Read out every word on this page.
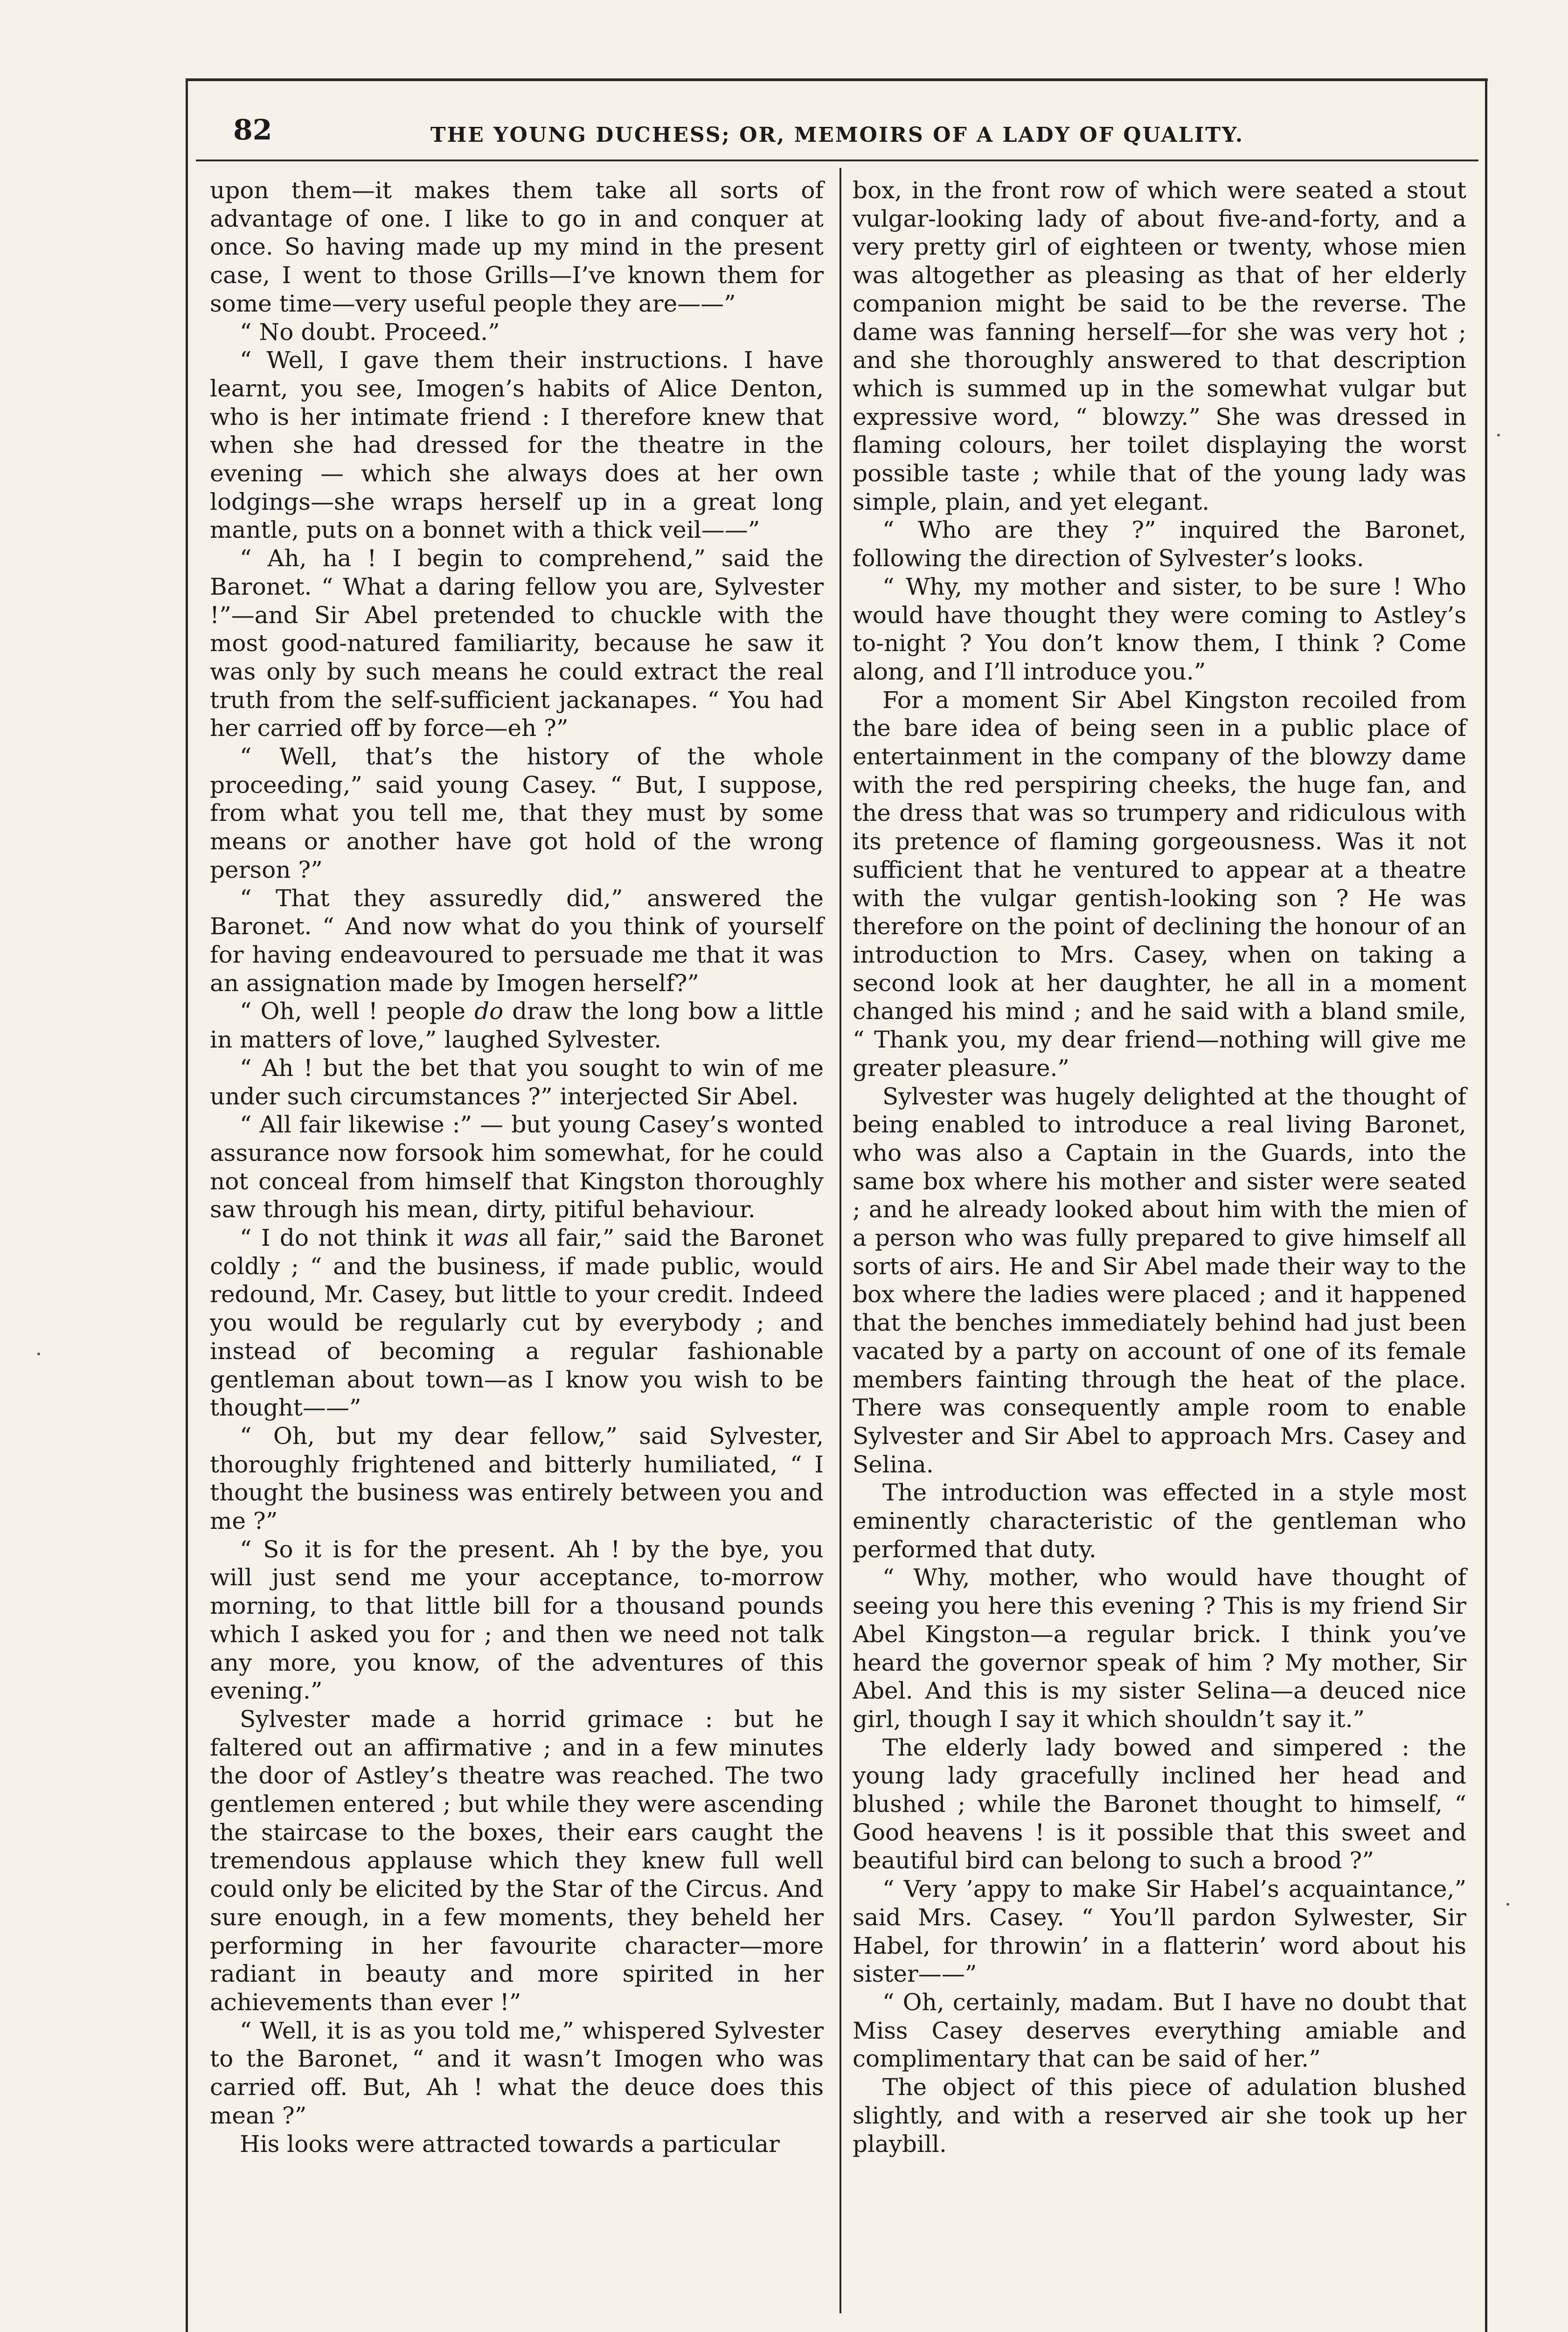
82	THE YOUNG DUCHESS; OR, MEMOIRS OF A LADY OF QUALITY.

upon them—it makes them take all sorts of advantage of one. I like to go in and conquer at once. So having made up my mind in the present case, I went to those Grills—I’ve known them for some time—very useful people they are——”

“ No doubt. Proceed.”

“ Well, I gave them their instructions. I have learnt, you see, Imogen’s habits of Alice Denton, who is her intimate friend : I therefore knew that when she had dressed for the theatre in the evening — which she always does at her own lodgings—she wraps herself up in a great long mantle, puts on a bonnet with a thick veil——”

“ Ah, ha ! I begin to comprehend,” said the Baronet. “ What a daring fellow you are, Sylvester !”—and Sir Abel pretended to chuckle with the most good-natured familiarity, because he saw it was only by such means he could extract the real truth from the self-sufficient jackanapes. “ You had her carried off by force—eh ?”

“ Well, that’s the history of the whole proceeding,” said young Casey. “ But, I suppose, from what you tell me, that they must by some means or another have got hold of the wrong person ?”

“ That they assuredly did,” answered the Baronet. “ And now what do you think of yourself for having endeavoured to persuade me that it was an assignation made by Imogen herself?”

“ Oh, well ! people do draw the long bow a little in matters of love,” laughed Sylvester.

“ Ah ! but the bet that you sought to win of me under such circumstances ?” interjected Sir Abel.

“ All fair likewise :” — but young Casey’s wonted assurance now forsook him somewhat, for he could not conceal from himself that Kingston thoroughly saw through his mean, dirty, pitiful behaviour.

“ I do not think it was all fair,” said the Baronet coldly ; “ and the business, if made public, would redound, Mr. Casey, but little to your credit. Indeed you would be regularly cut by everybody ; and instead of becoming a regular fashionable gentleman about town—as I know you wish to be thought——”

“ Oh, but my dear fellow,” said Sylvester, thoroughly frightened and bitterly humiliated, “ I thought the business was entirely between you and me ?”

“ So it is for the present. Ah ! by the bye, you will just send me your acceptance, to-morrow morning, to that little bill for a thousand pounds which I asked you for ; and then we need not talk any more, you know, of the adventures of this evening.”

Sylvester made a horrid grimace : but he faltered out an affirmative ; and in a few minutes the door of Astley’s theatre was reached. The two gentlemen entered ; but while they were ascending the staircase to the boxes, their ears caught the tremendous applause which they knew full well could only be elicited by the Star of the Circus. And sure enough, in a few moments, they beheld her performing in her favourite character—more radiant in beauty and more spirited in her achievements than ever !”

“ Well, it is as you told me,” whispered Sylvester to the Baronet, “ and it wasn’t Imogen who was carried off. But, Ah ! what the deuce does this mean ?”

His looks were attracted towards a particular

box, in the front row of which were seated a stout vulgar-looking lady of about five-and-forty, and a very pretty girl of eighteen or twenty, whose mien was altogether as pleasing as that of her elderly companion might be said to be the reverse. The dame was fanning herself—for she was very hot ; and she thoroughly answered to that description which is summed up in the somewhat vulgar but expressive word, “ blowzy.” She was dressed in flaming colours, her toilet displaying the worst possible taste ; while that of the young lady was simple, plain, and yet elegant.

“ Who are they ?” inquired the Baronet, following the direction of Sylvester’s looks.

“ Why, my mother and sister, to be sure ! Who would have thought they were coming to Astley’s to-night ? You don’t know them, I think ? Come along, and I’ll introduce you.”

For a moment Sir Abel Kingston recoiled from the bare idea of being seen in a public place of entertainment in the company of the blowzy dame with the red perspiring cheeks, the huge fan, and the dress that was so trumpery and ridiculous with its pretence of flaming gorgeousness. Was it not sufficient that he ventured to appear at a theatre with the vulgar gentish-looking son ? He was therefore on the point of declining the honour of an introduction to Mrs. Casey, when on taking a second look at her daughter, he all in a moment changed his mind ; and he said with a bland smile, “ Thank you, my dear friend—nothing will give me greater pleasure.”

Sylvester was hugely delighted at the thought of being enabled to introduce a real living Baronet, who was also a Captain in the Guards, into the same box where his mother and sister were seated ; and he already looked about him with the mien of a person who was fully prepared to give himself all sorts of airs. He and Sir Abel made their way to the box where the ladies were placed ; and it happened that the benches immediately behind had just been vacated by a party on account of one of its female members fainting through the heat of the place. There was consequently ample room to enable Sylvester and Sir Abel to approach Mrs. Casey and Selina.

The introduction was effected in a style most eminently characteristic of the gentleman who performed that duty.

“ Why, mother, who would have thought of seeing you here this evening ? This is my friend Sir Abel Kingston—a regular brick. I think you’ve heard the governor speak of him ? My mother, Sir Abel. And this is my sister Selina—a deuced nice girl, though I say it which shouldn’t say it.”

The elderly lady bowed and simpered : the young lady gracefully inclined her head and blushed ; while the Baronet thought to himself, “ Good heavens ! is it possible that this sweet and beautiful bird can belong to such a brood ?”

“ Very ’appy to make Sir Habel’s acquaintance,” said Mrs. Casey. “ You’ll pardon Sylwester, Sir Habel, for throwin’ in a flatterin’ word about his sister——”

“ Oh, certainly, madam. But I have no doubt that Miss Casey deserves everything amiable and complimentary that can be said of her.”

The object of this piece of adulation blushed slightly, and with a reserved air she took up her playbill.
